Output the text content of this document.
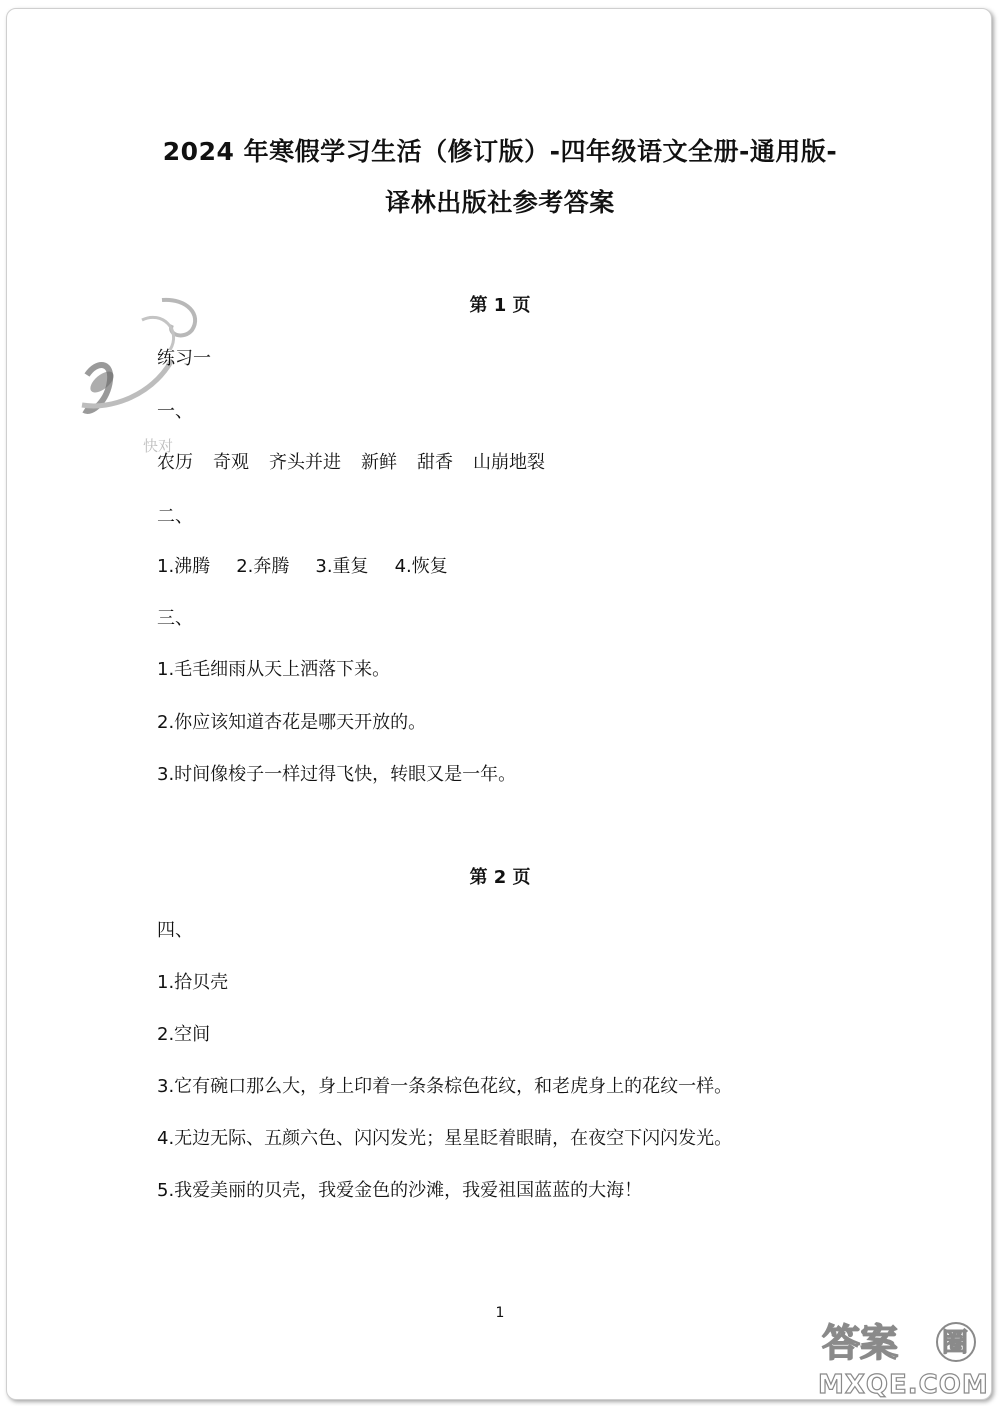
2024 年寒假学习生活（修订版）-四年级语文全册-通用版-
译林出版社参考答案
快对
第 1 页
练习一
一、
农历 奇观 齐头并进 新鲜 甜香 山崩地裂
二、
1.沸腾 2.奔腾 3.重复 4.恢复
三、
1.毛毛细雨从天上洒落下来。
2.你应该知道杏花是哪天开放的。
3.时间像梭子一样过得飞快，转眼又是一年。
第 2 页
四、
1.拾贝壳
2.空间
3.它有碗口那么大，身上印着一条条棕色花纹，和老虎身上的花纹一样。
4.无边无际、五颜六色、闪闪发光；星星眨着眼睛，在夜空下闪闪发光。
5.我爱美丽的贝壳，我爱金色的沙滩，我爱祖国蓝蓝的大海！
1
答案 圈
MXQE.COM
